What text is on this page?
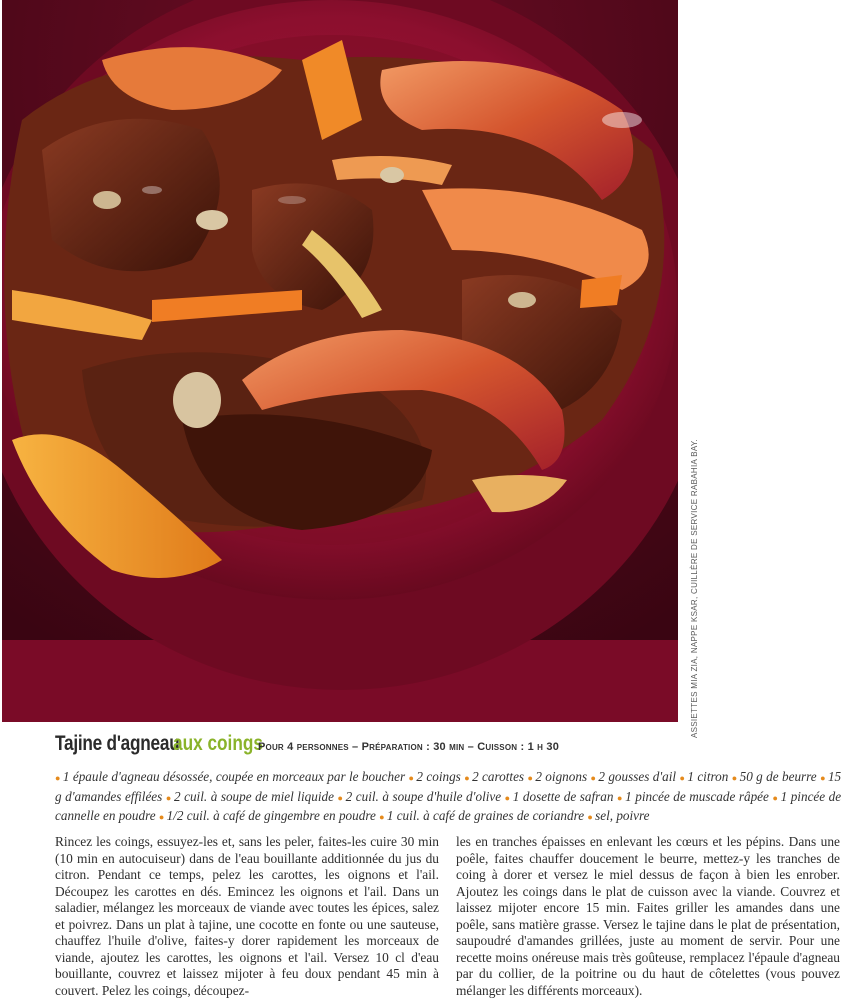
ASSIETTES MIA ZIA, NAPPE KSAR, CUILLÈRE DE SERVICE RABAHIA BAY.
Tajine d'agneau
aux coings
Pour 4 personnes – Préparation : 30 min – Cuisson : 1 h 30
● 1 épaule d'agneau désossée, coupée en morceaux par le boucher ● 2 coings ● 2 carottes ● 2 oignons ● 2 gousses d'ail ● 1 citron ● 50 g de beurre ● 15 g d'amandes effilées ● 2 cuil. à soupe de miel liquide ● 2 cuil. à soupe d'huile d'olive ● 1 dosette de safran ● 1 pincée de muscade râpée ● 1 pincée de cannelle en poudre ● 1/2 cuil. à café de gingembre en poudre ● 1 cuil. à café de graines de coriandre ● sel, poivre
Rincez les coings, essuyez-les et, sans les peler, faites-les cuire 30 min (10 min en autocuiseur) dans de l'eau bouillante additionnée du jus du citron. Pendant ce temps, pelez les carottes, les oignons et l'ail. Découpez les carottes en dés. Emincez les oignons et l'ail. Dans un saladier, mélangez les morceaux de viande avec toutes les épices, salez et poivrez. Dans un plat à tajine, une cocotte en fonte ou une sauteuse, chauffez l'huile d'olive, faites-y dorer rapidement les morceaux de viande, ajoutez les carottes, les oignons et l'ail. Versez 10 cl d'eau bouillante, couvrez et laissez mijoter à feu doux pendant 45 min à couvert. Pelez les coings, découpez-
les en tranches épaisses en enlevant les cœurs et les pépins. Dans une poêle, faites chauffer doucement le beurre, mettez-y les tranches de coing à dorer et versez le miel dessus de façon à bien les enrober. Ajoutez les coings dans le plat de cuisson avec la viande. Couvrez et laissez mijoter encore 15 min. Faites griller les amandes dans une poêle, sans matière grasse. Versez le tajine dans le plat de présentation, saupoudré d'amandes grillées, juste au moment de servir. Pour une recette moins onéreuse mais très goûteuse, remplacez l'épaule d'agneau par du collier, de la poitrine ou du haut de côtelettes (vous pouvez mélanger les différents morceaux).
